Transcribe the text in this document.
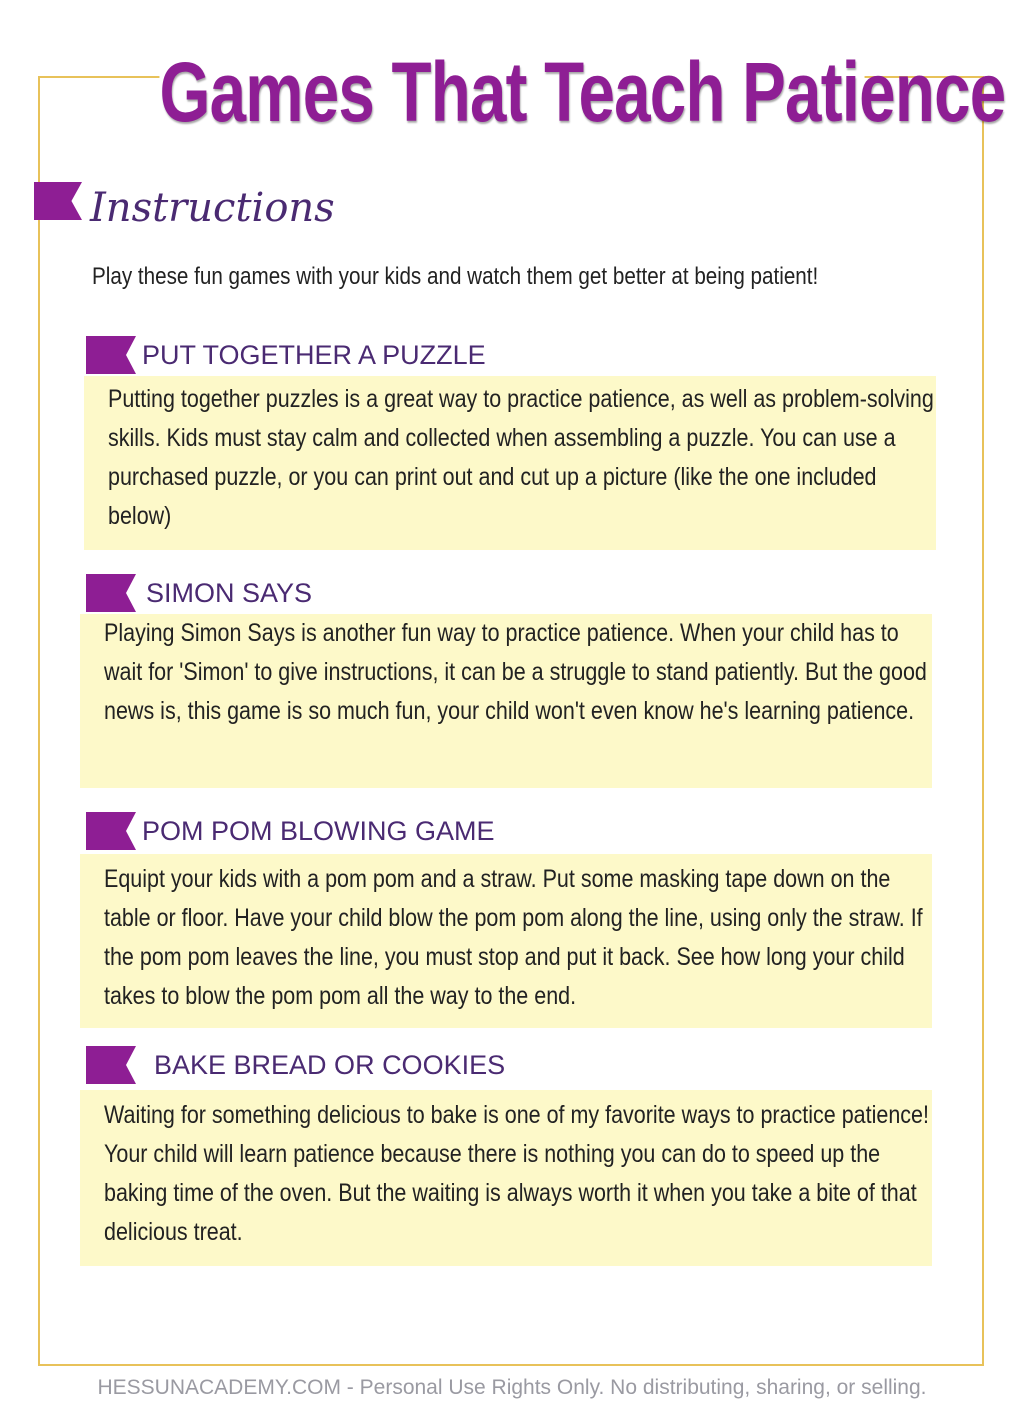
Games That Teach Patience
Instructions
Play these fun games with your kids and watch them get better at being patient!
PUT TOGETHER A PUZZLE

Putting together puzzles is a great way to practice patience, as well as problem-solving skills. Kids must stay calm and collected when assembling a puzzle. You can use a purchased puzzle, or you can print out and cut up a picture (like the one included below)

SIMON SAYS

Playing Simon Says is another fun way to practice patience. When your child has to wait for 'Simon' to give instructions, it can be a struggle to stand patiently. But the good news is, this game is so much fun, your child won't even know he's learning patience.

POM POM BLOWING GAME

Equipt your kids with a pom pom and a straw. Put some masking tape down on the table or floor. Have your child blow the pom pom along the line, using only the straw. If the pom pom leaves the line, you must stop and put it back. See how long your child takes to blow the pom pom all the way to the end.

BAKE BREAD OR COOKIES

Waiting for something delicious to bake is one of my favorite ways to practice patience! Your child will learn patience because there is nothing you can do to speed up the baking time of the oven. But the waiting is always worth it when you take a bite of that delicious treat.

HESSUNACADEMY.COM - Personal Use Rights Only. No distributing, sharing, or selling.
